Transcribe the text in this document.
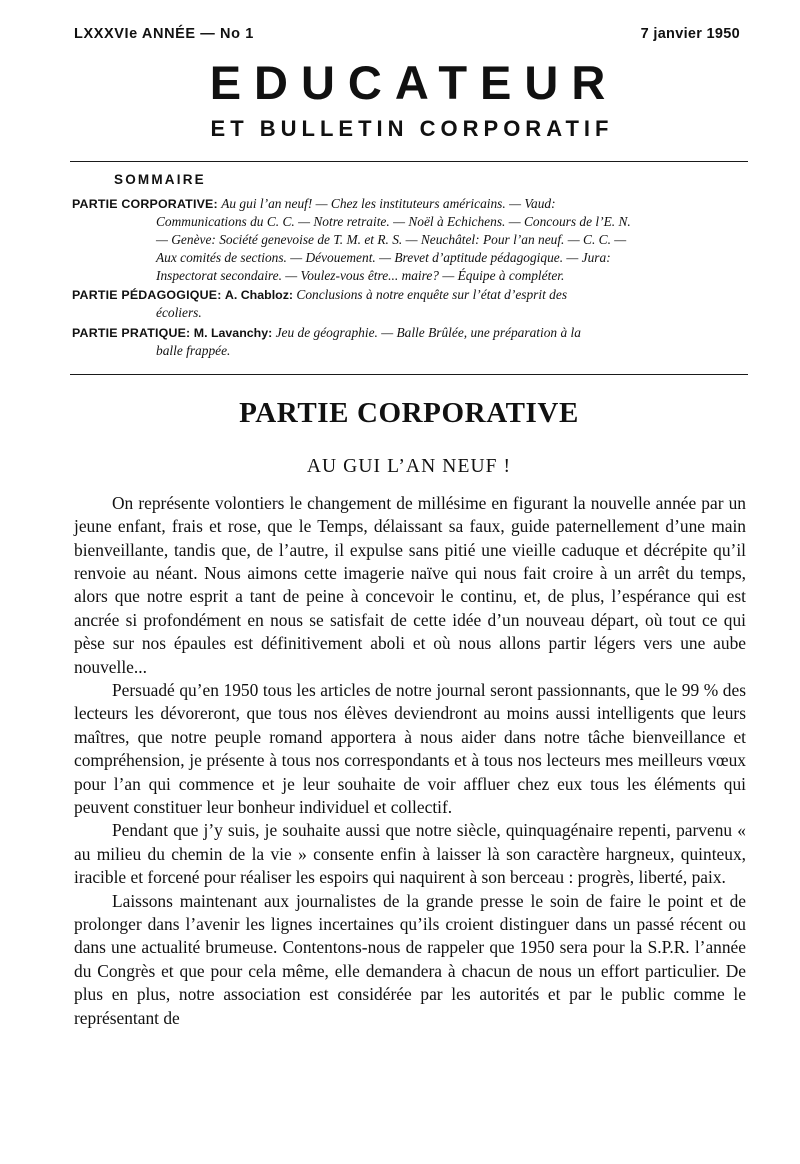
LXXXVIe ANNÉE — No 1	7 janvier 1950
EDUCATEUR
ET BULLETIN CORPORATIF
SOMMAIRE
PARTIE CORPORATIVE: Au gui l’an neuf! — Chez les instituteurs américains. — Vaud:
Communications du C. C. — Notre retraite. — Noël à Echichens. — Concours de l’E. N.
— Genève: Société genevoise de T. M. et R. S. — Neuchâtel: Pour l’an neuf. — C. C. —
Aux comités de sections. — Dévouement. — Brevet d’aptitude pédagogique. — Jura:
Inspectorat secondaire. — Voulez-vous être... maire? — Équipe à compléter.
PARTIE PÉDAGOGIQUE: A. Chabloz: Conclusions à notre enquête sur l’état d’esprit des
écoliers.
PARTIE PRATIQUE: M. Lavanchy: Jeu de géographie. — Balle Brûlée, une préparation à la
balle frappée.
PARTIE CORPORATIVE
AU GUI L’AN NEUF !

On représente volontiers le changement de millésime en figurant la nouvelle année par un jeune enfant, frais et rose, que le Temps, délaissant sa faux, guide paternellement d’une main bienveillante, tandis que, de l’autre, il expulse sans pitié une vieille caduque et décrépite qu’il renvoie au néant. Nous aimons cette imagerie naïve qui nous fait croire à un arrêt du temps, alors que notre esprit a tant de peine à concevoir le continu, et, de plus, l’espérance qui est ancrée si profondément en nous se satisfait de cette idée d’un nouveau départ, où tout ce qui pèse sur nos épaules est définitivement aboli et où nous allons partir légers vers une aube nouvelle...

Persuadé qu’en 1950 tous les articles de notre journal seront passionnants, que le 99 % des lecteurs les dévoreront, que tous nos élèves deviendront au moins aussi intelligents que leurs maîtres, que notre peuple romand apportera à nous aider dans notre tâche bienveillance et compréhension, je présente à tous nos correspondants et à tous nos lecteurs mes meilleurs vœux pour l’an qui commence et je leur souhaite de voir affluer chez eux tous les éléments qui peuvent constituer leur bonheur individuel et collectif.

Pendant que j’y suis, je souhaite aussi que notre siècle, quinquagénaire repenti, parvenu « au milieu du chemin de la vie » consente enfin à laisser là son caractère hargneux, quinteux, iracible et forcené pour réaliser les espoirs qui naquirent à son berceau : progrès, liberté, paix.

Laissons maintenant aux journalistes de la grande presse le soin de faire le point et de prolonger dans l’avenir les lignes incertaines qu’ils croient distinguer dans un passé récent ou dans une actualité brumeuse. Contentons-nous de rappeler que 1950 sera pour la S.P.R. l’année du Congrès et que pour cela même, elle demandera à chacun de nous un effort particulier. De plus en plus, notre association est considérée par les autorités et par le public comme le représentant de
